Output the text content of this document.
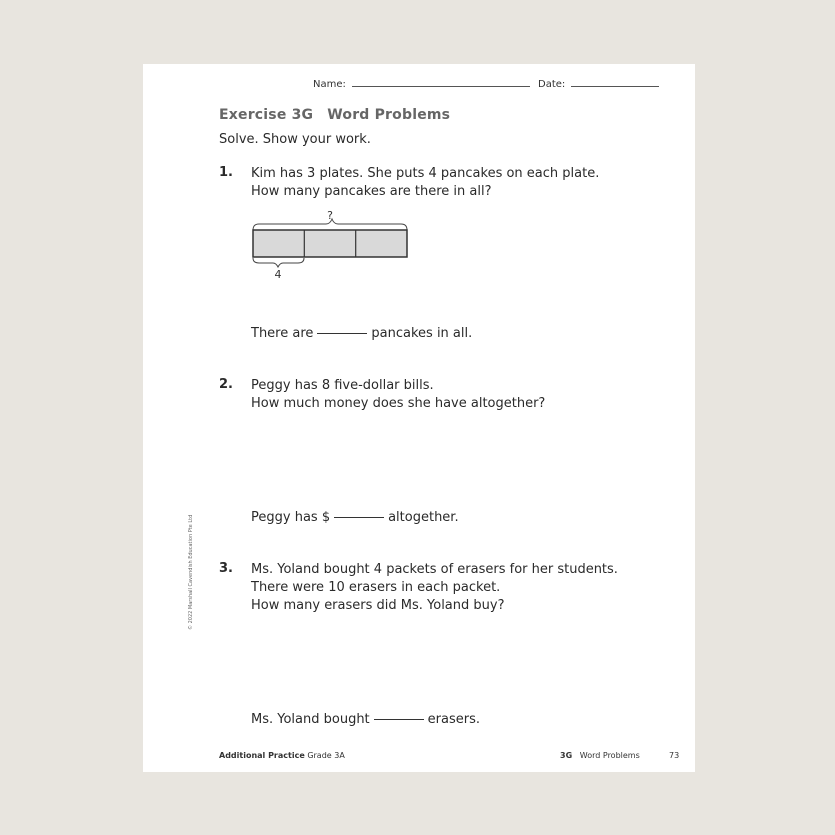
Name:	Date:
Exercise 3G Word Problems
Solve. Show your work.
1. Kim has 3 plates. She puts 4 pancakes on each plate.
How many pancakes are there in all?
?
4
There are	pancakes in all.
2. Peggy has 8 five-dollar bills.
How much money does she have altogether?
Peggy has $	altogether.
3. Ms. Yoland bought 4 packets of erasers for her students.
There were 10 erasers in each packet.
How many erasers did Ms. Yoland buy?
Ms. Yoland bought	erasers.
Additional Practice Grade 3A	3G Word Problems	73
© 2022 Marshall Cavendish Education Pte Ltd
